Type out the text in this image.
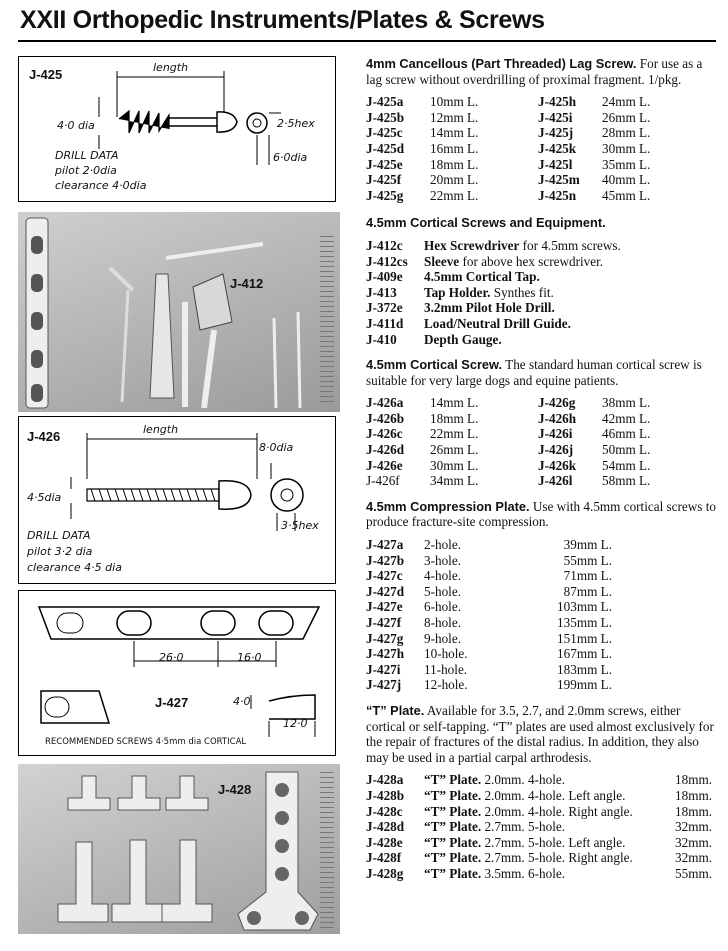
XXII Orthopedic Instruments/Plates & Screws
J-425	length
4·0 dia	2·5hex
6·0dia
DRILL DATA
pilot 2·0dia
clearance 4·0dia
J-412
J-426	length
4·5dia
8·0dia
3·5hex
DRILL DATA
pilot 3·2 dia
clearance 4·5 dia
26·0	16·0
4·0
12·0
J-427
RECOMMENDED SCREWS 4·5mm dia CORTICAL
J-428
4mm Cancellous (Part Threaded) Lag Screw. For use as a lag screw without overdrilling of proximal fragment. 1/pkg.
J-425a	10mm L.	J-425h	24mm L.
J-425b	12mm L.	J-425i	26mm L.
J-425c	14mm L.	J-425j	28mm L.
J-425d	16mm L.	J-425k	30mm L.
J-425e	18mm L.	J-425l	35mm L.
J-425f	20mm L.	J-425m	40mm L.
J-425g	22mm L.	J-425n	45mm L.
4.5mm Cortical Screws and Equipment.
J-412c	Hex Screwdriver for 4.5mm screws.
J-412cs	Sleeve for above hex screwdriver.
J-409e	4.5mm Cortical Tap.
J-413	Tap Holder. Synthes fit.
J-372e	3.2mm Pilot Hole Drill.
J-411d	Load/Neutral Drill Guide.
J-410	Depth Gauge.
4.5mm Cortical Screw. The standard human cortical screw is suitable for very large dogs and equine patients.
J-426a	14mm L.	J-426g	38mm L.
J-426b	18mm L.	J-426h	42mm L.
J-426c	22mm L.	J-426i	46mm L.
J-426d	26mm L.	J-426j	50mm L.
J-426e	30mm L.	J-426k	54mm L.
J-426f	34mm L.	J-426l	58mm L.
4.5mm Compression Plate. Use with 4.5mm cortical screws to produce fracture-site compression.
J-427a	2-hole.	39mm L.
J-427b	3-hole.	55mm L.
J-427c	4-hole.	71mm L.
J-427d	5-hole.	87mm L.
J-427e	6-hole.	103mm L.
J-427f	8-hole.	135mm L.
J-427g	9-hole.	151mm L.
J-427h	10-hole.	167mm L.
J-427i	11-hole.	183mm L.
J-427j	12-hole.	199mm L.
“T” Plate. Available for 3.5, 2.7, and 2.0mm screws, either cortical or self-tapping. “T” plates are used almost exclusively for the repair of fractures of the distal radius. In addition, they also may be used in a partial carpal arthrodesis.
J-428a	“T” Plate. 2.0mm. 4-hole.	18mm.
J-428b	“T” Plate. 2.0mm. 4-hole. Left angle.	18mm.
J-428c	“T” Plate. 2.0mm. 4-hole. Right angle.	18mm.
J-428d	“T” Plate. 2.7mm. 5-hole.	32mm.
J-428e	“T” Plate. 2.7mm. 5-hole. Left angle.	32mm.
J-428f	“T” Plate. 2.7mm. 5-hole. Right angle.	32mm.
J-428g	“T” Plate. 3.5mm. 6-hole.	55mm.
